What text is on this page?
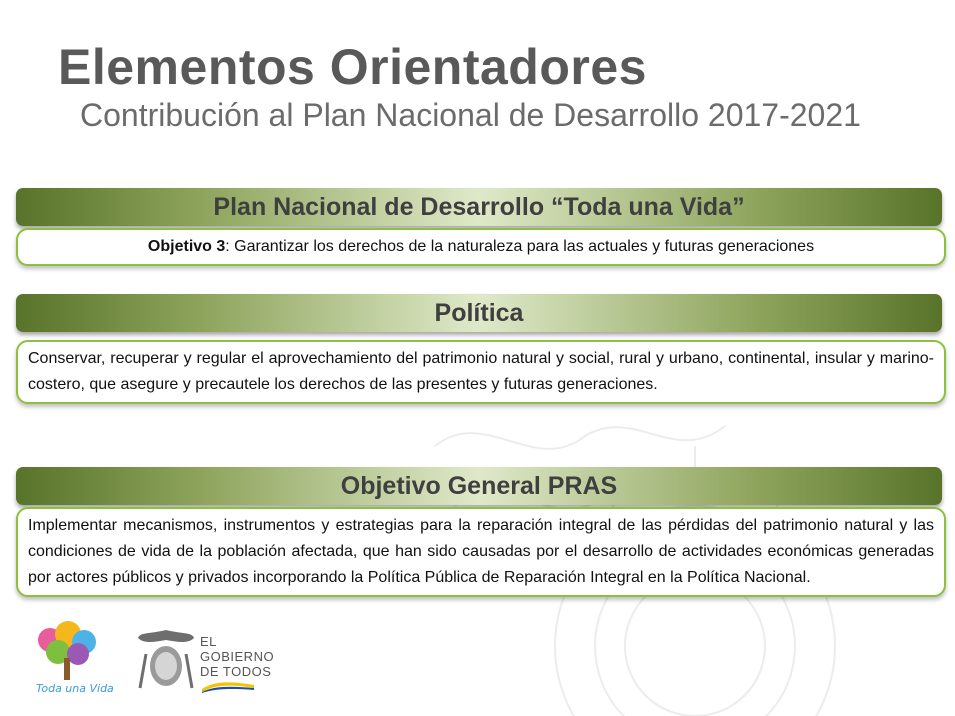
Elementos Orientadores

Contribución al Plan Nacional de Desarrollo 2017-2021

Plan Nacional de Desarrollo “Toda una Vida”
Objetivo 3: Garantizar los derechos de la naturaleza para las actuales y futuras generaciones
Política
Conservar, recuperar y regular el aprovechamiento del patrimonio natural y social, rural y urbano, continental, insular y marino-costero, que asegure y precautele los derechos de las presentes y futuras generaciones.
Objetivo General PRAS
Implementar mecanismos, instrumentos y estrategias para la reparación integral de las pérdidas del patrimonio natural y las condiciones de vida de la población afectada, que han sido causadas por el desarrollo de actividades económicas generadas por actores públicos y privados incorporando la Política Pública de Reparación Integral en la Política Nacional.
Toda una Vida
EL
GOBIERNO
DE TODOS
